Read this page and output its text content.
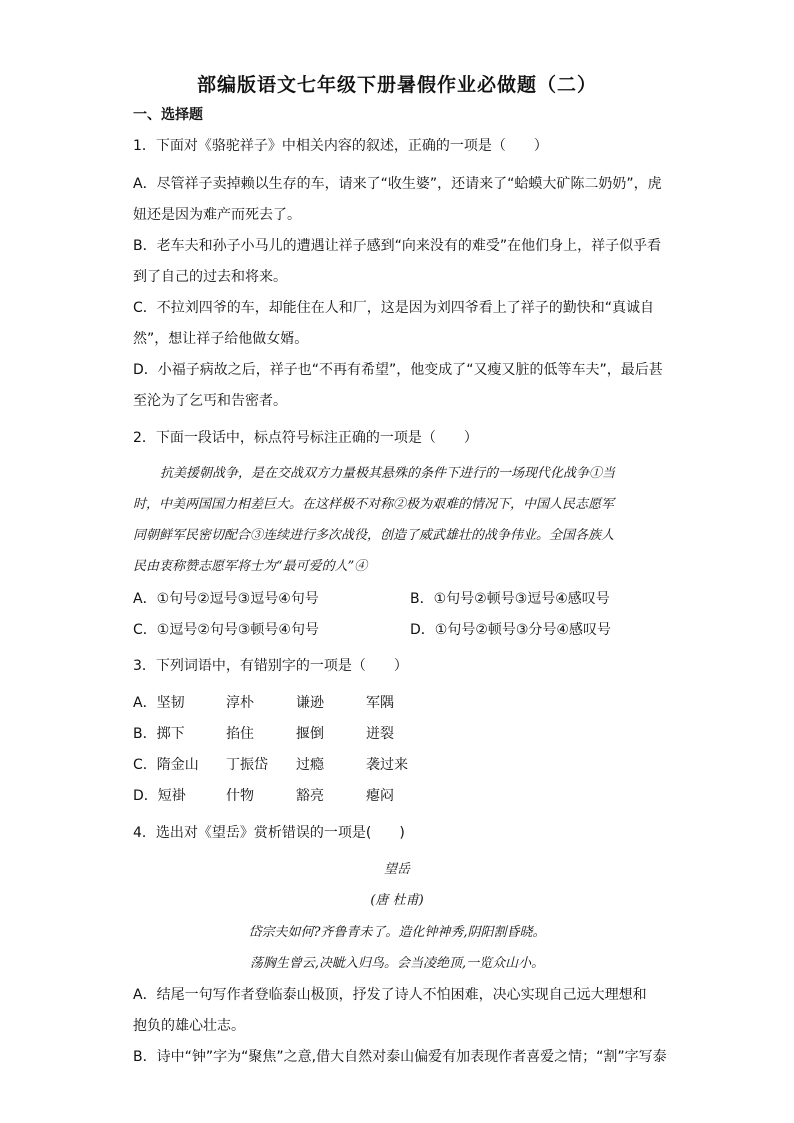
部编版语文七年级下册暑假作业必做题（二）
一、选择题
1．下面对《骆驼祥子》中相关内容的叙述，正确的一项是（　　）
A．尽管祥子卖掉赖以生存的车，请来了“收生婆”，还请来了“蛤蟆大矿陈二奶奶”，虎
妞还是因为难产而死去了。
B．老车夫和孙子小马儿的遭遇让祥子感到“向来没有的难受”在他们身上，祥子似乎看
到了自己的过去和将来。
C．不拉刘四爷的车，却能住在人和厂，这是因为刘四爷看上了祥子的勤快和“真诚自
然”，想让祥子给他做女婿。
D．小福子病故之后，祥子也“不再有希望”，他变成了“又瘦又脏的低等车夫”，最后甚
至沦为了乞丐和告密者。
2．下面一段话中，标点符号标注正确的一项是（　　）
抗美援朝战争，是在交战双方力量极其悬殊的条件下进行的一场现代化战争①当
时，中美两国国力相差巨大。在这样极不对称②极为艰难的情况下，中国人民志愿军
同朝鲜军民密切配合③连续进行多次战役，创造了威武雄壮的战争伟业。全国各族人
民由衷称赞志愿军将士为“最可爱的人”④
A．①句号②逗号③逗号④句号	B．①句号②顿号③逗号④感叹号
C．①逗号②句号③顿号④句号	D．①句号②顿号③分号④感叹号
3．下列词语中，有错别字的一项是（　　）
A．坚韧	淳朴	谦逊	军隅
B．掷下	掐住	揠倒	迸裂
C．隋金山 丁振岱 过瘾	袭过来
D．短褂	什物	豁亮	瘪闷
4．选出对《望岳》赏析错误的一项是(　　)
望岳
(唐 杜甫)
岱宗夫如何?齐鲁青未了。造化钟神秀,阴阳割昏晓。
荡胸生曾云,决眦入归鸟。会当凌绝顶,一览众山小。
A．结尾一句写作者登临泰山极顶，抒发了诗人不怕困难，决心实现自己远大理想和
抱负的雄心壮志。
B．诗中“钟”字为“聚焦”之意,借大自然对泰山偏爱有加表现作者喜爱之情；“割”字写泰
